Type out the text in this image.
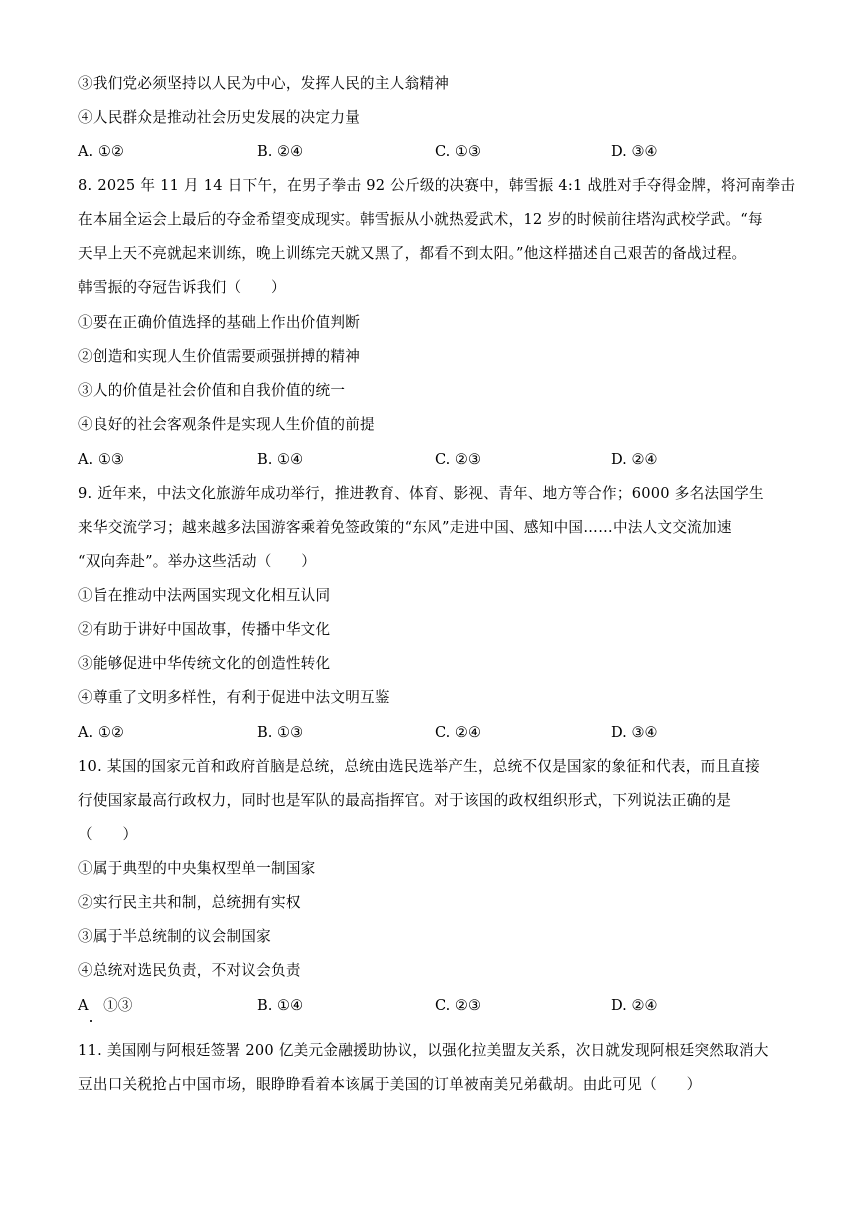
③我们党必须坚持以人民为中心，发挥人民的主人翁精神
④人民群众是推动社会历史发展的决定力量
A. ①②	B. ②④	C. ①③	D. ③④
8. 2025 年 11 月 14 日下午，在男子拳击 92 公斤级的决赛中，韩雪振 4:1 战胜对手夺得金牌，将河南拳击
在本届全运会上最后的夺金希望变成现实。韩雪振从小就热爱武术，12 岁的时候前往塔沟武校学武。“每
天早上天不亮就起来训练，晚上训练完天就又黑了，都看不到太阳。”他这样描述自己艰苦的备战过程。
韩雪振的夺冠告诉我们（　　）
①要在正确价值选择的基础上作出价值判断
②创造和实现人生价值需要顽强拼搏的精神
③人的价值是社会价值和自我价值的统一
④良好的社会客观条件是实现人生价值的前提
A. ①③	B. ①④	C. ②③	D. ②④
9. 近年来，中法文化旅游年成功举行，推进教育、体育、影视、青年、地方等合作；6000 多名法国学生
来华交流学习；越来越多法国游客乘着免签政策的“东风”走进中国、感知中国……中法人文交流加速
“双向奔赴”。举办这些活动（　　）
①旨在推动中法两国实现文化相互认同
②有助于讲好中国故事，传播中华文化
③能够促进中华传统文化的创造性转化
④尊重了文明多样性，有利于促进中法文明互鉴
A. ①②	B. ①③	C. ②④	D. ③④
10. 某国的国家元首和政府首脑是总统，总统由选民选举产生，总统不仅是国家的象征和代表，而且直接
行使国家最高行政权力，同时也是军队的最高指挥官。对于该国的政权组织形式，下列说法正确的是
（　　）
①属于典型的中央集权型单一制国家
②实行民主共和制，总统拥有实权
③属于半总统制的议会制国家
④总统对选民负责，不对议会负责
A　①③	B. ①④	C. ②③	D. ②④
11. 美国刚与阿根廷签署 200 亿美元金融援助协议，以强化拉美盟友关系，次日就发现阿根廷突然取消大
豆出口关税抢占中国市场，眼睁睁看着本该属于美国的订单被南美兄弟截胡。由此可见（　　）
